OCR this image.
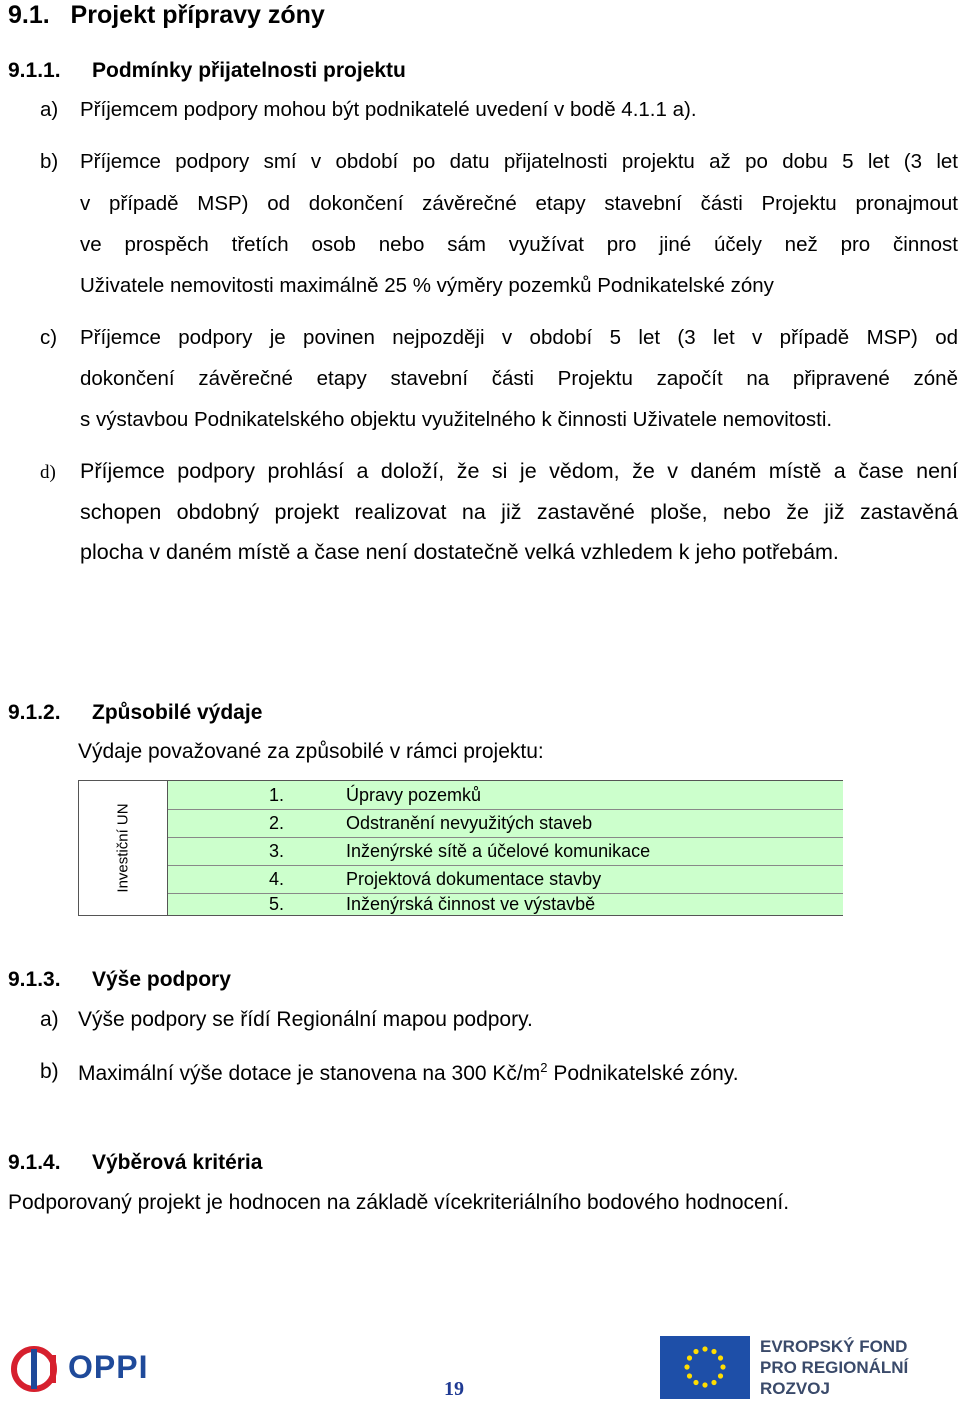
9.1. Projekt přípravy zóny
9.1.1. Podmínky přijatelnosti projektu
a) Příjemcem podpory mohou být podnikatelé uvedení v bodě 4.1.1 a).
b) Příjemce podpory smí v období po datu přijatelnosti projektu až po dobu 5 let (3 let
v případě MSP) od dokončení závěrečné etapy stavební části Projektu pronajmout
ve prospěch třetích osob nebo sám využívat pro jiné účely než pro činnost
Uživatele nemovitosti maximálně 25 % výměry pozemků Podnikatelské zóny
c) Příjemce podpory je povinen nejpozději v období 5 let (3 let v případě MSP) od
dokončení závěrečné etapy stavební části Projektu započít na připravené zóně
s výstavbou Podnikatelského objektu využitelného k činnosti Uživatele nemovitosti.
d) Příjemce podpory prohlásí a doloží, že si je vědom, že v daném místě a čase není
schopen obdobný projekt realizovat na již zastavěné ploše, nebo že již zastavěná
plocha v daném místě a čase není dostatečně velká vzhledem k jeho potřebám.
9.1.2. Způsobilé výdaje
Výdaje považované za způsobilé v rámci projektu:
Investiční UN
1.	Úpravy pozemků
2.	Odstranění nevyužitých staveb
3.	Inženýrské sítě a účelové komunikace
4.	Projektová dokumentace stavby
5.	Inženýrská činnost ve výstavbě
9.1.3. Výše podpory
a) Výše podpory se řídí Regionální mapou podpory.
b) Maximální výše dotace je stanovena na 300 $Kč/m^2$ Podnikatelské zóny.
9.1.4. Výběrová kritéria
Podporovaný projekt je hodnocen na základě vícekriteriálního bodového hodnocení.
OPPI
19
EVROPSKÝ FOND
PRO REGIONÁLNÍ
ROZVOJ
